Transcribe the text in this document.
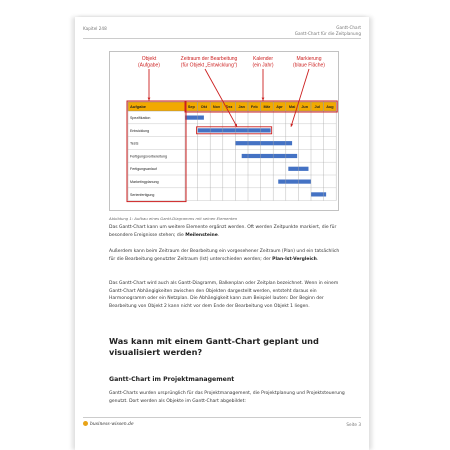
Kapitel 248	Gantt-Chart
Gantt-Chart für die Zeitplanung
Objekt
(Aufgabe)
Zeitraum der Bearbeitung
(für Objekt „Entwicklung“)
Kalender
(ein Jahr)
Markierung
(blaue Fläche)
Aufgabe	Sep Okt Nov Dez Jan Feb Mär Apr Mai Jun Jul Aug
Spezifikation
Entwicklung
Tests
Fertigungsvorbereitung
Fertigungsanlauf
Marketingplanung
Serienfertigung
Abbildung 1: Aufbau eines Gantt-Diagramms mit seinen Elementen

Das Gantt-Chart kann um weitere Elemente ergänzt werden. Oft werden Zeitpunkte markiert, die für besondere Ereignisse stehen; die Meilensteine.

Außerdem kann beim Zeitraum der Bearbeitung ein vorgesehener Zeitraum (Plan) und ein tatsächlich für die Bearbeitung genutzter Zeitraum (Ist) unterschieden werden; der Plan-Ist-Vergleich.

Das Gantt-Chart wird auch als Gantt-Diagramm, Balkenplan oder Zeitplan bezeichnet. Wenn in einem Gantt-Chart Abhängigkeiten zwischen den Objekten dargestellt werden, entsteht daraus ein Harmonogramm oder ein Netzplan. Die Abhängigkeit kann zum Beispiel lauten: Der Beginn der Bearbeitung von Objekt 2 kann nicht vor dem Ende der Bearbeitung von Objekt 1 liegen.

Was kann mit einem Gantt-Chart geplant und visualisiert werden?
Gantt-Chart im Projektmanagement

Gantt-Charts wurden ursprünglich für das Projektmanagement, die Projektplanung und Projektsteuerung genutzt. Dort werden als Objekte im Gantt-Chart abgebildet:

business-wissen.de	Seite 3
